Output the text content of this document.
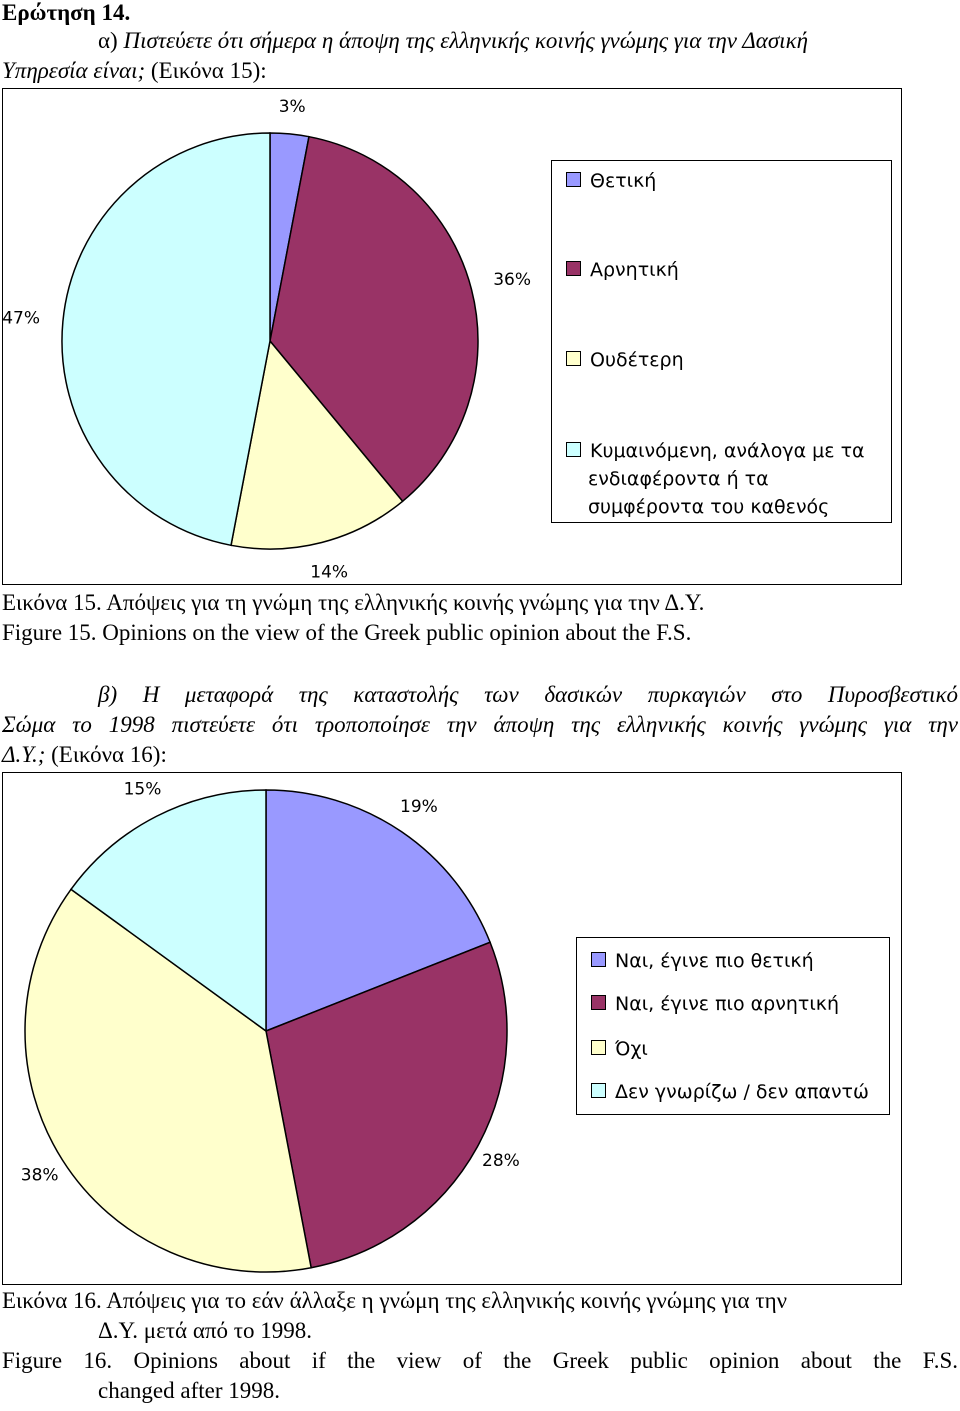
Ερώτηση 14.
α) Πιστεύετε ότι σήμερα η άποψη της ελληνικής κοινής γνώμης για την Δασική
Υπηρεσία είναι; (Εικόνα 15):
Θετική
Αρνητική
Ουδέτερη
Κυμαινόμενη, ανάλογα με τα
ενδιαφέροντα ή τα
συμφέροντα του καθενός
Εικόνα 15. Απόψεις για τη γνώμη της ελληνικής κοινής γνώμης για την Δ.Υ.
Figure 15. Opinions on the view of the Greek public opinion about the F.S.
β) Η μεταφορά της καταστολής των δασικών πυρκαγιών στο Πυροσβεστικό
Σώμα το 1998 πιστεύετε ότι τροποποίησε την άποψη της ελληνικής κοινής γνώμης για την
Δ.Υ.; (Εικόνα 16):
Ναι, έγινε πιο θετική
Ναι, έγινε πιο αρνητική
Όχι
Δεν γνωρίζω / δεν απαντώ
Εικόνα 16. Απόψεις για το εάν άλλαξε η γνώμη της ελληνικής κοινής γνώμης για την
Δ.Υ. μετά από το 1998.
Figure 16. Opinions about if the view of the Greek public opinion about the F.S.
changed after 1998.
3%
36%
14%
47%
19%
28%
38%
15%
